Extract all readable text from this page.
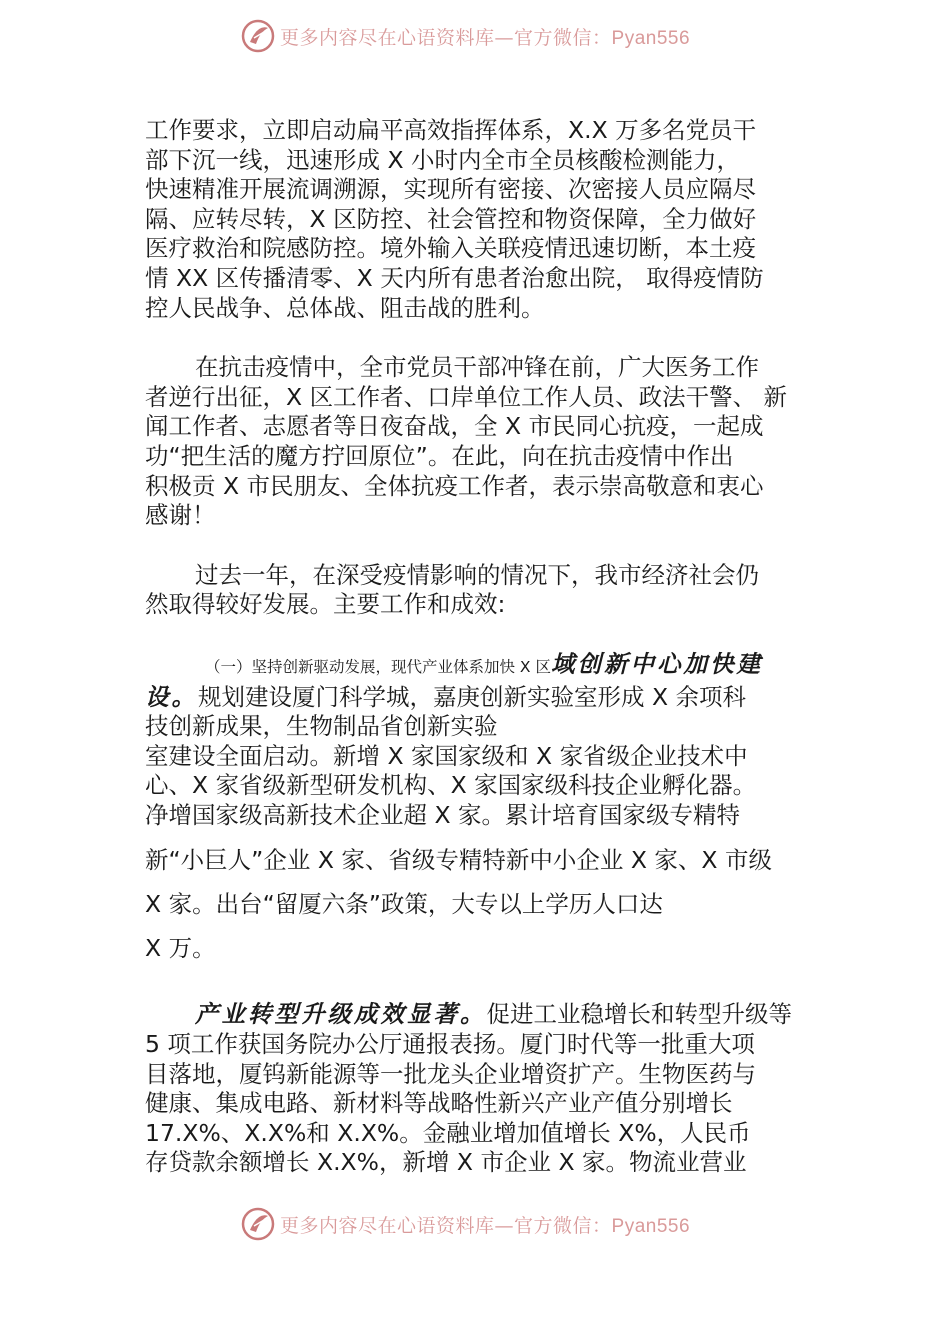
更多内容尽在心语资料库—官方微信：Pyan556
工作要求，立即启动扁平高效指挥体系，X.X 万多名党员干
部下沉一线，迅速形成 X 小时内全市全员核酸检测能力，
快速精准开展流调溯源，实现所有密接、次密接人员应隔尽
隔、应转尽转，X 区防控、社会管控和物资保障，全力做好
医疗救治和院感防控。境外输入关联疫情迅速切断，本土疫
情 XX 区传播清零、X 天内所有患者治愈出院， 取得疫情防
控人民战争、总体战、阻击战的胜利。
在抗击疫情中，全市党员干部冲锋在前，广大医务工作
者逆行出征，X 区工作者、口岸单位工作人员、政法干警、 新
闻工作者、志愿者等日夜奋战，全 X 市民同心抗疫，一起成
功“把生活的魔方拧回原位”。在此，向在抗击疫情中作出
积极贡 X 市民朋友、全体抗疫工作者，表示崇高敬意和衷心
感谢！
过去一年，在深受疫情影响的情况下，我市经济社会仍
然取得较好发展。主要工作和成效:
（一）坚持创新驱动发展，现代产业体系加快 X 区域创新中心加快建
设。规划建设厦门科学城，嘉庚创新实验室形成 X 余项科
技创新成果，生物制品省创新实验
室建设全面启动。新增 X 家国家级和 X 家省级企业技术中
心、X 家省级新型研发机构、X 家国家级科技企业孵化器。
净增国家级高新技术企业超 X 家。累计培育国家级专精特
新“小巨人”企业 X 家、省级专精特新中小企业 X 家、X 市级
X 家。出台“留厦六条”政策，大专以上学历人口达
X 万。
产业转型升级成效显著。促进工业稳增长和转型升级等
5 项工作获国务院办公厅通报表扬。厦门时代等一批重大项
目落地，厦钨新能源等一批龙头企业增资扩产。生物医药与
健康、集成电路、新材料等战略性新兴产业产值分别增长
17.X%、X.X%和 X.X%。金融业增加值增长 X%，人民币
存贷款余额增长 X.X%，新增 X 市企业 X 家。物流业营业
更多内容尽在心语资料库—官方微信：Pyan556
